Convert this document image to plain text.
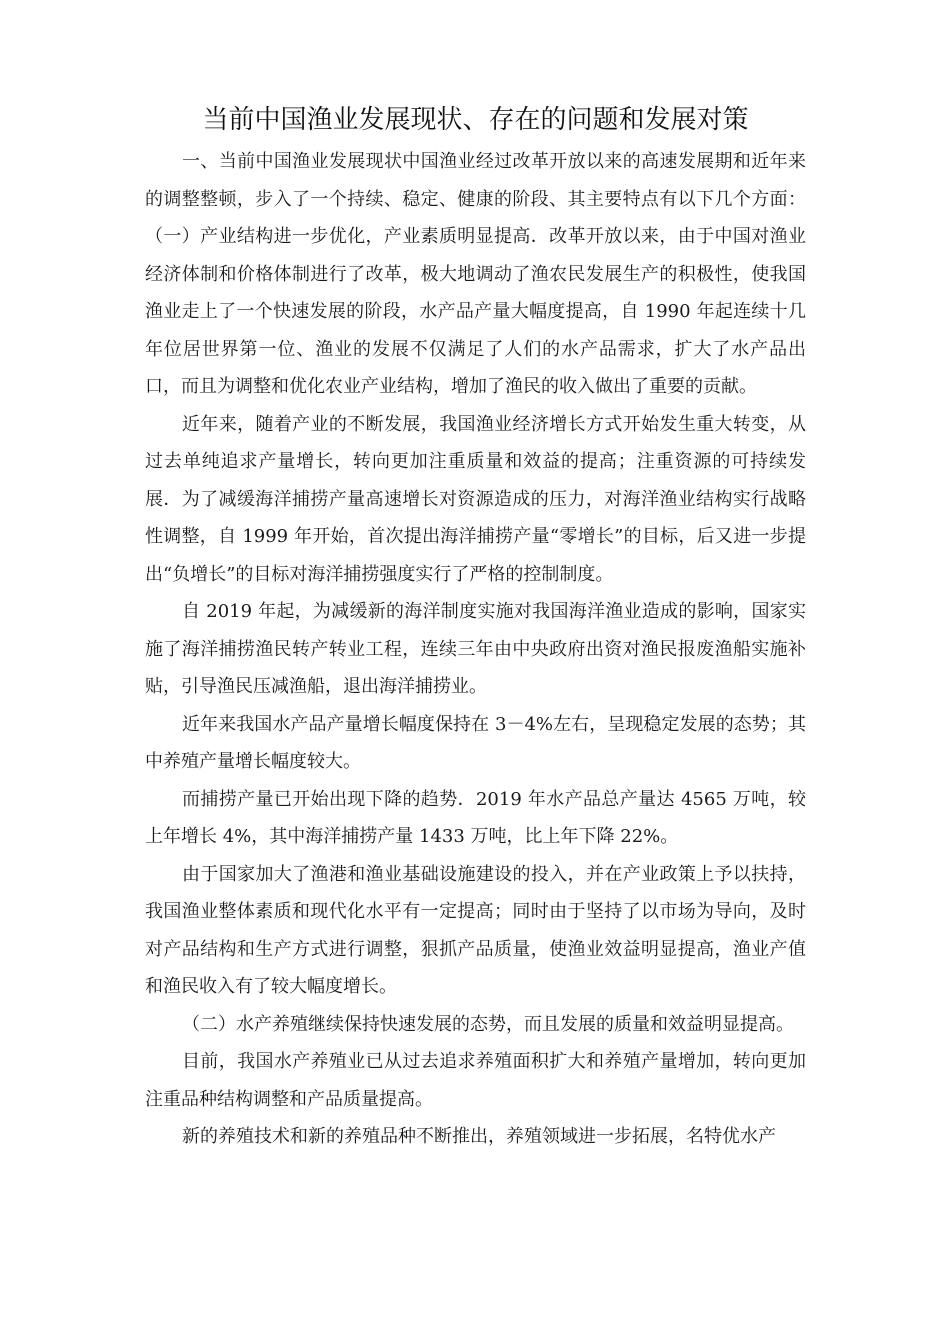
当前中国渔业发展现状、存在的问题和发展对策

一、当前中国渔业发展现状中国渔业经过改革开放以来的高速发展期和近年来的调整整顿，步入了一个持续、稳定、健康的阶段、其主要特点有以下几个方面：（一）产业结构进一步优化，产业素质明显提高．改革开放以来，由于中国对渔业经济体制和价格体制进行了改革，极大地调动了渔农民发展生产的积极性，使我国渔业走上了一个快速发展的阶段，水产品产量大幅度提高，自 1990 年起连续十几年位居世界第一位、渔业的发展不仅满足了人们的水产品需求，扩大了水产品出口，而且为调整和优化农业产业结构，增加了渔民的收入做出了重要的贡献。

近年来，随着产业的不断发展，我国渔业经济增长方式开始发生重大转变，从过去单纯追求产量增长，转向更加注重质量和效益的提高；注重资源的可持续发展．为了减缓海洋捕捞产量高速增长对资源造成的压力，对海洋渔业结构实行战略性调整，自 1999 年开始，首次提出海洋捕捞产量“零增长”的目标，后又进一步提出“负增长”的目标对海洋捕捞强度实行了严格的控制制度。

自 2019 年起，为减缓新的海洋制度实施对我国海洋渔业造成的影响，国家实施了海洋捕捞渔民转产转业工程，连续三年由中央政府出资对渔民报废渔船实施补贴，引导渔民压减渔船，退出海洋捕捞业。

近年来我国水产品产量增长幅度保持在 3－4%左右，呈现稳定发展的态势；其中养殖产量增长幅度较大。

而捕捞产量已开始出现下降的趋势．2019 年水产品总产量达 4565 万吨，较上年增长 4%，其中海洋捕捞产量 1433 万吨，比上年下降 22%。

由于国家加大了渔港和渔业基础设施建设的投入，并在产业政策上予以扶持，我国渔业整体素质和现代化水平有一定提高；同时由于坚持了以市场为导向，及时对产品结构和生产方式进行调整，狠抓产品质量，使渔业效益明显提高，渔业产值和渔民收入有了较大幅度增长。

（二）水产养殖继续保持快速发展的态势，而且发展的质量和效益明显提高。

目前，我国水产养殖业已从过去追求养殖面积扩大和养殖产量增加，转向更加注重品种结构调整和产品质量提高。

新的养殖技术和新的养殖品种不断推出，养殖领域进一步拓展，名特优水产
